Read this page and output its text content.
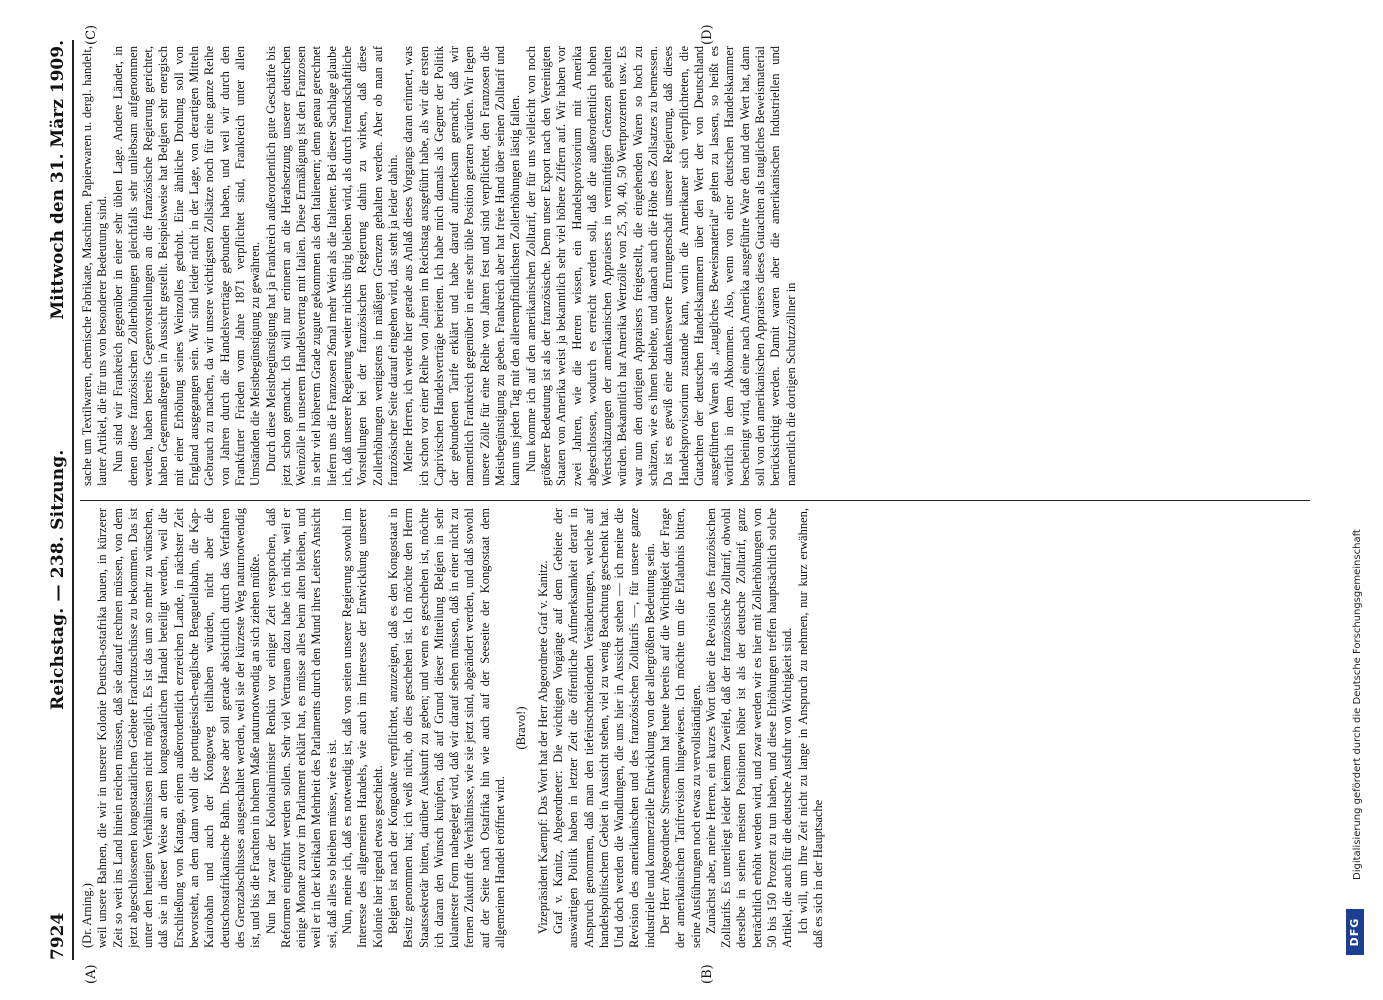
7924
Reichstag. — 238. Sitzung.
Mittwoch den 31. März 1909.
(A)	(B)
(C)	(D)

(Dr. Arning.) weil unsere Bahnen, die wir in unserer Kolonie Deutsch-ostafrika bauen, in kürzerer Zeit so weit ins Land hinein reichen müssen, daß sie darauf rechnen müssen, von dem jetzt abgeschlossenen kongostaatlichen Gebiete Frachtzuschüsse zu bekommen. Das ist unter den heutigen Verhältnissen nicht möglich. Es ist das um so mehr zu wünschen, daß sie in dieser Weise an dem kongostaatlichen Handel beteiligt werden, weil die Erschließung von Katanga, einem außerordentlich erzreichen Lande, in nächster Zeit bevorsteht, an dem dann wohl die portugiesisch-englische Benguellabahn, die Kap-Kairobahn und auch der Kongoweg teilhaben würden, nicht aber die deutschostafrikanische Bahn. Diese aber soll gerade absichtlich durch das Verfahren des Grenzabschlusses ausgeschaltet werden, weil sie der kürzeste Weg naturnotwendig ist, und bis die Frachten in hohem Maße naturnotwendig an sich ziehen müßte. Nun hat zwar der Kolonialminister Renkin vor einiger Zeit versprochen, daß Reformen eingeführt werden sollen. Sehr viel Vertrauen dazu habe ich nicht, weil er einige Monate zuvor im Parlament erklärt hat, es müsse alles beim alten bleiben, und weil er in der klerikalen Mehrheit des Parlaments durch den Mund ihres Leiters Ansicht sei, daß alles so bleiben müsse, wie es ist. Nun, meine ich, daß es notwendig ist, daß von seiten unserer Regierung sowohl im Interesse des allgemeinen Handels, wie auch im Interesse der Entwicklung unserer Kolonie hier irgend etwas geschieht. Belgien ist nach der Kongoakte verpflichtet, anzuzeigen, daß es den Kongostaat in Besitz genommen hat; ich weiß nicht, ob dies geschehen ist. Ich möchte den Herrn Staatssekretär bitten, darüber Auskunft zu geben; und wenn es geschehen ist, möchte ich daran den Wunsch knüpfen, daß auf Grund dieser Mitteilung Belgien in sehr kulantester Form nahegelegt wird, daß wir darauf sehen müssen, daß in einer nicht zu fernen Zukunft die Verhältnisse, wie sie jetzt sind, abgeändert werden, und daß sowohl auf der Seite nach Ostafrika hin wie auch auf der Seeseite der Kongostaat dem allgemeinen Handel eröffnet wird.

(Bravo!) Vizepräsident Kaempf: Das Wort hat der Herr Abgeordnete Graf v. Kanitz. Graf v. Kanitz, Abgeordneter: Die wichtigen Vorgänge auf dem Gebiete der auswärtigen Politik haben in letzter Zeit die öffentliche Aufmerksamkeit derart in Anspruch genommen, daß man den tiefeinschneidenden Veränderungen, welche auf handelspolitischem Gebiet in Aussicht stehen, viel zu wenig Beachtung geschenkt hat. Und doch werden die Wandlungen, die uns hier in Aussicht stehen — ich meine die Revision des amerikanischen und des französischen Zolltarifs —, für unsere ganze industrielle und kommerzielle Entwicklung von der allergrößten Bedeutung sein. Der Herr Abgeordnete Stresemann hat heute bereits auf die Wichtigkeit der Frage der amerikanischen Tarifrevision hingewiesen. Ich möchte um die Erlaubnis bitten, seine Ausführungen noch etwas zu vervollständigen. Zunächst aber, meine Herren, ein kurzes Wort über die Revision des französischen Zolltarifs. Es unterliegt leider keinem Zweifel, daß der französische Zolltarif, obwohl derselbe in seinen meisten Positionen höher ist als der deutsche Zolltarif, ganz beträchtlich erhöht werden wird, und zwar werden wir es hier mit Zollerhöhungen von 50 bis 150 Prozent zu tun haben, und diese Erhöhungen treffen hauptsächlich solche Artikel, die auch für die deutsche Ausfuhr von Wichtigkeit sind. Ich will, um Ihre Zeit nicht zu lange in Anspruch zu nehmen, nur kurz erwähnen, daß es sich in der Hauptsache

sache um Textilwaren, chemische Fabrikate, Maschinen, Papierwaren u. dergl. handelt, lauter Artikel, die für uns von besonderer Bedeutung sind. Nun sind wir Frankreich gegenüber in einer sehr üblen Lage. Andere Länder, in denen diese französischen Zollerhöhungen gleichfalls sehr unliebsam aufgenommen werden, haben bereits Gegenvorstellungen an die französische Regierung gerichtet, haben Gegenmaßregeln in Aussicht gestellt. Beispielsweise hat Belgien sehr energisch mit einer Erhöhung seines Weinzolles gedroht. Eine ähnliche Drohung soll von England ausgegangen sein. Wir sind leider nicht in der Lage, von derartigen Mitteln Gebrauch zu machen, da wir unsere wichtigsten Zollsätze noch für eine ganze Reihe von Jahren durch die Handelsverträge gebunden haben, und weil wir durch den Frankfurter Frieden vom Jahre 1871 verpflichtet sind, Frankreich unter allen Umständen die Meistbegünstigung zu gewähren. Durch diese Meistbegünstigung hat ja Frankreich außerordentlich gute Geschäfte bis jetzt schon gemacht. Ich will nur erinnern an die Herabsetzung unserer deutschen Weinzölle in unserem Handelsvertrag mit Italien. Diese Ermäßigung ist den Franzosen in sehr viel höherem Grade zugute gekommen als den Italienern; denn genau gerechnet liefern uns die Franzosen 26mal mehr Wein als die Italiener. Bei dieser Sachlage glaube ich, daß unserer Regierung weiter nichts übrig bleiben wird, als durch freundschaftliche Vorstellungen bei der französischen Regierung dahin zu wirken, daß diese Zollerhöhungen wenigstens in mäßigen Grenzen gehalten werden. Aber ob man auf französischer Seite darauf eingehen wird, das steht ja leider dahin. Meine Herren, ich werde hier gerade aus Anlaß dieses Vorgangs daran erinnert, was ich schon vor einer Reihe von Jahren im Reichstag ausgeführt habe, als wir die ersten Caprivischen Handelsverträge berieten. Ich habe mich damals als Gegner der Politik der gebundenen Tarife erklärt und habe darauf aufmerksam gemacht, daß wir namentlich Frankreich gegenüber in eine sehr üble Position geraten würden. Wir legen unsere Zölle für eine Reihe von Jahren fest und sind verpflichtet, den Franzosen die Meistbegünstigung zu geben. Frankreich aber hat freie Hand über seinen Zolltarif und kann uns jeden Tag mit den allerempfindlichsten Zollerhöhungen lästig fallen. Nun komme ich auf den amerikanischen Zolltarif, der für uns vielleicht von noch größerer Bedeutung ist als der französische. Denn unser Export nach den Vereinigten Staaten von Amerika weist ja bekanntlich sehr viel höhere Ziffern auf. Wir haben vor zwei Jahren, wie die Herren wissen, ein Handelsprovisorium mit Amerika abgeschlossen, wodurch es erreicht werden soll, daß die außerordentlich hohen Wertschätzungen der amerikanischen Appraisers in vernünftigen Grenzen gehalten würden. Bekanntlich hat Amerika Wertzölle von 25, 30, 40, 50 Wertprozenten usw. Es war nun den dortigen Appraisers freigestellt, die eingehenden Waren so hoch zu schätzen, wie es ihnen beliebte, und danach auch die Höhe des Zollsatzes zu bemessen. Da ist es gewiß eine dankenswerte Errungenschaft unserer Regierung, daß dieses Handelsprovisorium zustande kam, worin die Amerikaner sich verpflichteten, die Gutachten der deutschen Handelskammern über den Wert der von Deutschland ausgeführten Waren als „taugliches Beweismaterial“ gelten zu lassen, so heißt es wörtlich in dem Abkommen. Also, wenn von einer deutschen Handelskammer bescheinigt wird, daß eine nach Amerika ausgeführte Ware den und den Wert hat, dann soll von den amerikanischen Appraisers dieses Gutachten als taugliches Beweismaterial berücksichtigt werden. Damit waren aber die amerikanischen Industriellen und namentlich die dortigen Schutzzöllner in

DFG
Digitalisierung gefördert durch die Deutsche Forschungsgemeinschaft
